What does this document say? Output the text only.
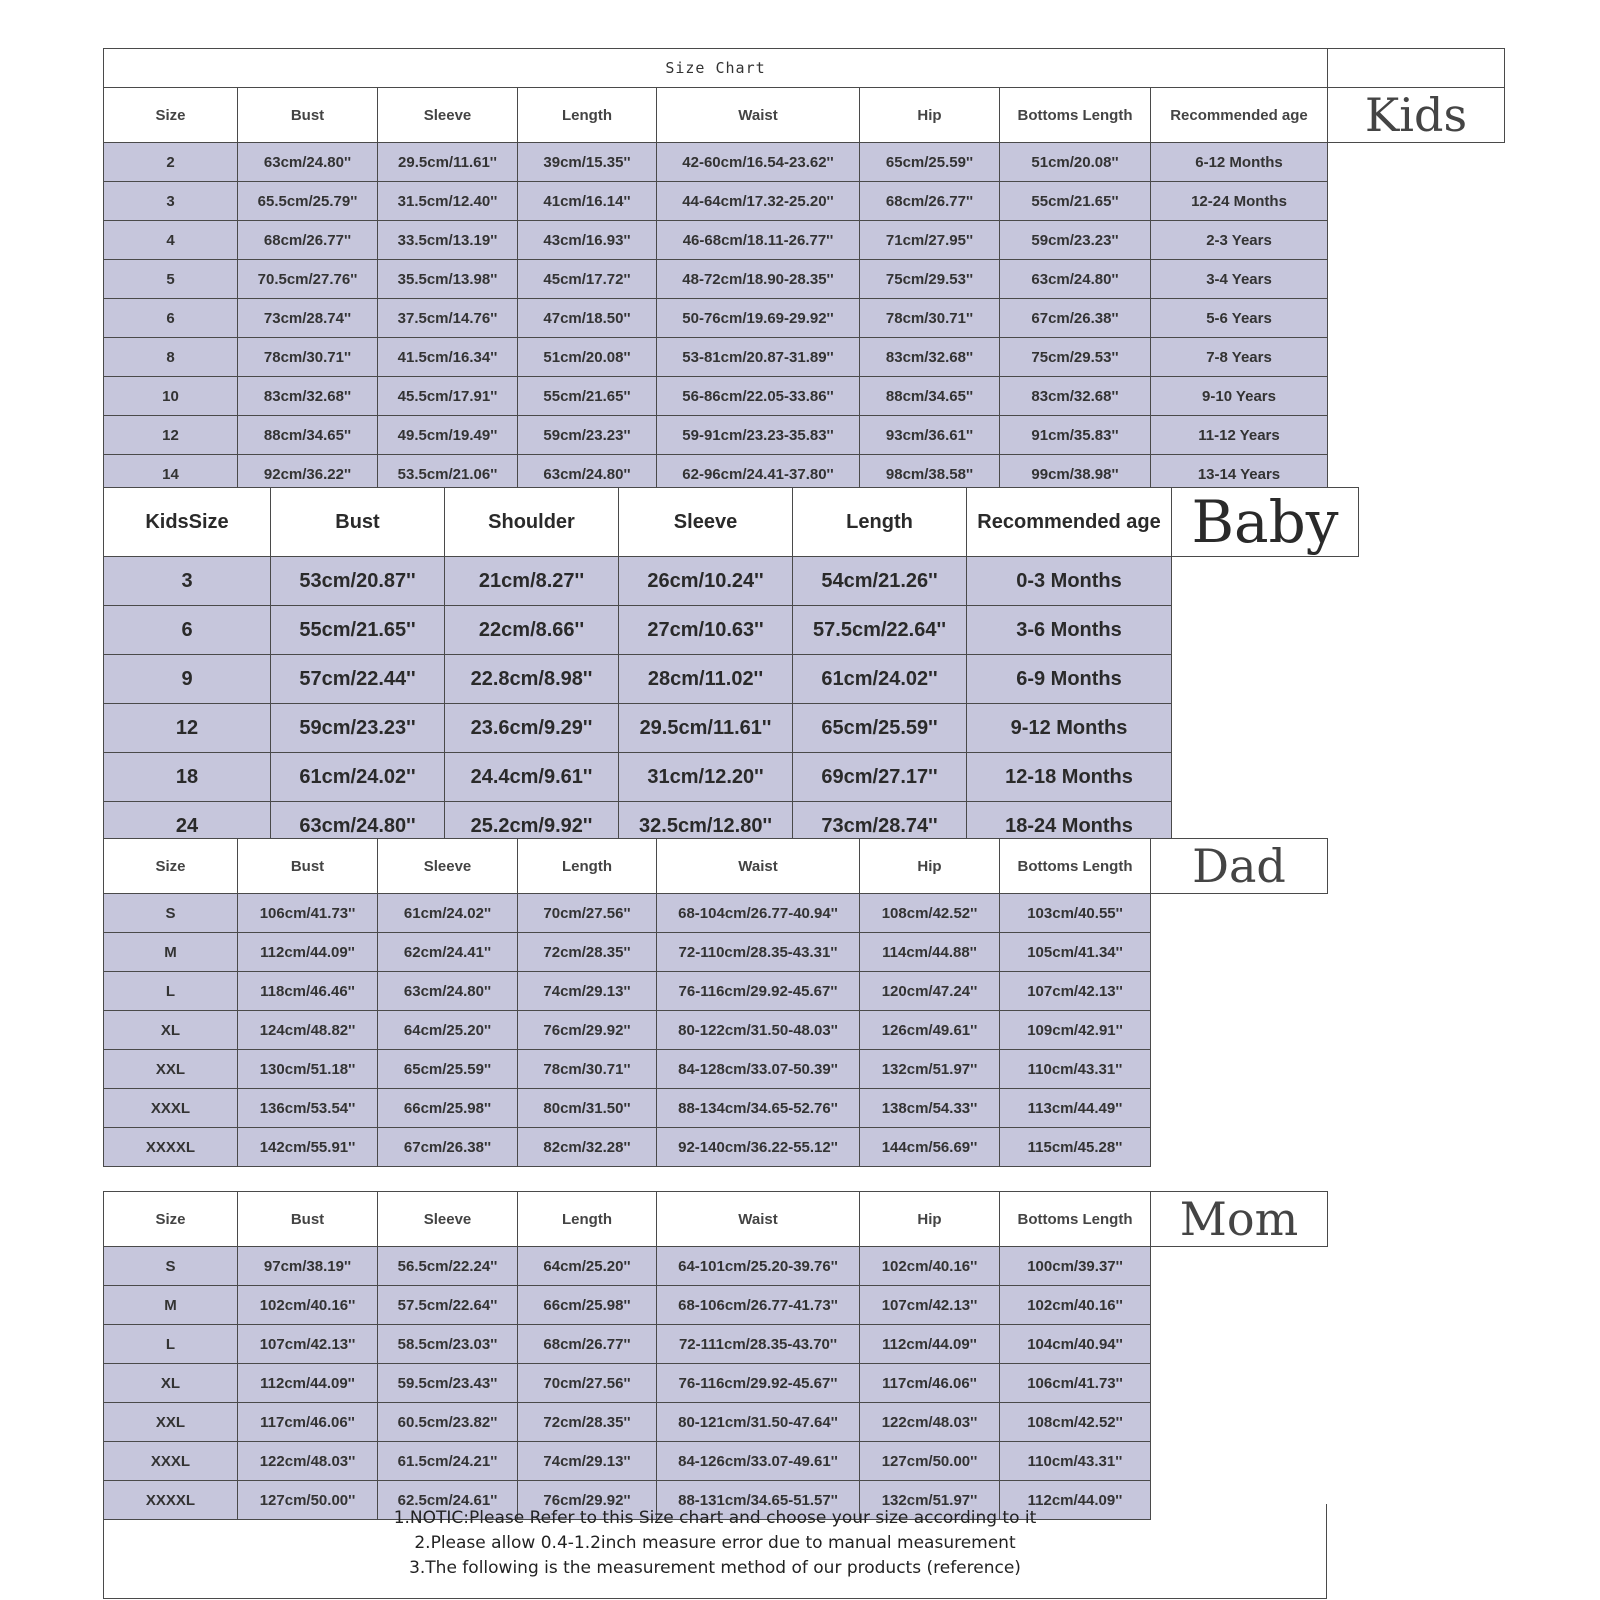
Size Chart								
Size	Bust	Sleeve	Length	Waist	Hip	Bottoms Length	Recommended age	Kids
2	63cm/24.80''	29.5cm/11.61''	39cm/15.35''	42-60cm/16.54-23.62''	65cm/25.59''	51cm/20.08''	6-12 Months	
3	65.5cm/25.79''	31.5cm/12.40''	41cm/16.14''	44-64cm/17.32-25.20''	68cm/26.77''	55cm/21.65''	12-24 Months	
4	68cm/26.77''	33.5cm/13.19''	43cm/16.93''	46-68cm/18.11-26.77''	71cm/27.95''	59cm/23.23''	2-3 Years	
5	70.5cm/27.76''	35.5cm/13.98''	45cm/17.72''	48-72cm/18.90-28.35''	75cm/29.53''	63cm/24.80''	3-4 Years	
6	73cm/28.74''	37.5cm/14.76''	47cm/18.50''	50-76cm/19.69-29.92''	78cm/30.71''	67cm/26.38''	5-6 Years	
8	78cm/30.71''	41.5cm/16.34''	51cm/20.08''	53-81cm/20.87-31.89''	83cm/32.68''	75cm/29.53''	7-8 Years	
10	83cm/32.68''	45.5cm/17.91''	55cm/21.65''	56-86cm/22.05-33.86''	88cm/34.65''	83cm/32.68''	9-10 Years	
12	88cm/34.65''	49.5cm/19.49''	59cm/23.23''	59-91cm/23.23-35.83''	93cm/36.61''	91cm/35.83''	11-12 Years	
14	92cm/36.22''	53.5cm/21.06''	63cm/24.80''	62-96cm/24.41-37.80''	98cm/38.58''	99cm/38.98''	13-14 Years	
KidsSize	Bust	Shoulder	Sleeve	Length	Recommended age	Baby
3	53cm/20.87''	21cm/8.27''	26cm/10.24''	54cm/21.26''	0-3 Months	
6	55cm/21.65''	22cm/8.66''	27cm/10.63''	57.5cm/22.64''	3-6 Months	
9	57cm/22.44''	22.8cm/8.98''	28cm/11.02''	61cm/24.02''	6-9 Months	
12	59cm/23.23''	23.6cm/9.29''	29.5cm/11.61''	65cm/25.59''	9-12 Months	
18	61cm/24.02''	24.4cm/9.61''	31cm/12.20''	69cm/27.17''	12-18 Months	
24	63cm/24.80''	25.2cm/9.92''	32.5cm/12.80''	73cm/28.74''	18-24 Months	
Size	Bust	Sleeve	Length	Waist	Hip	Bottoms Length	Dad
S	106cm/41.73''	61cm/24.02''	70cm/27.56''	68-104cm/26.77-40.94''	108cm/42.52''	103cm/40.55''	
M	112cm/44.09''	62cm/24.41''	72cm/28.35''	72-110cm/28.35-43.31''	114cm/44.88''	105cm/41.34''	
L	118cm/46.46''	63cm/24.80''	74cm/29.13''	76-116cm/29.92-45.67''	120cm/47.24''	107cm/42.13''	
XL	124cm/48.82''	64cm/25.20''	76cm/29.92''	80-122cm/31.50-48.03''	126cm/49.61''	109cm/42.91''	
XXL	130cm/51.18''	65cm/25.59''	78cm/30.71''	84-128cm/33.07-50.39''	132cm/51.97''	110cm/43.31''	
XXXL	136cm/53.54''	66cm/25.98''	80cm/31.50''	88-134cm/34.65-52.76''	138cm/54.33''	113cm/44.49''	
XXXXL	142cm/55.91''	67cm/26.38''	82cm/32.28''	92-140cm/36.22-55.12''	144cm/56.69''	115cm/45.28''	
Size	Bust	Sleeve	Length	Waist	Hip	Bottoms Length	Mom
S	97cm/38.19''	56.5cm/22.24''	64cm/25.20''	64-101cm/25.20-39.76''	102cm/40.16''	100cm/39.37''	
M	102cm/40.16''	57.5cm/22.64''	66cm/25.98''	68-106cm/26.77-41.73''	107cm/42.13''	102cm/40.16''	
L	107cm/42.13''	58.5cm/23.03''	68cm/26.77''	72-111cm/28.35-43.70''	112cm/44.09''	104cm/40.94''	
XL	112cm/44.09''	59.5cm/23.43''	70cm/27.56''	76-116cm/29.92-45.67''	117cm/46.06''	106cm/41.73''	
XXL	117cm/46.06''	60.5cm/23.82''	72cm/28.35''	80-121cm/31.50-47.64''	122cm/48.03''	108cm/42.52''	
XXXL	122cm/48.03''	61.5cm/24.21''	74cm/29.13''	84-126cm/33.07-49.61''	127cm/50.00''	110cm/43.31''	
XXXXL	127cm/50.00''	62.5cm/24.61''	76cm/29.92''	88-131cm/34.65-51.57''	132cm/51.97''	112cm/44.09''	
1.NOTIC:Please Refer to this Size chart and choose your size according to it
2.Please allow 0.4-1.2inch measure error due to manual measurement
3.The following is the measurement method of our products (reference)
